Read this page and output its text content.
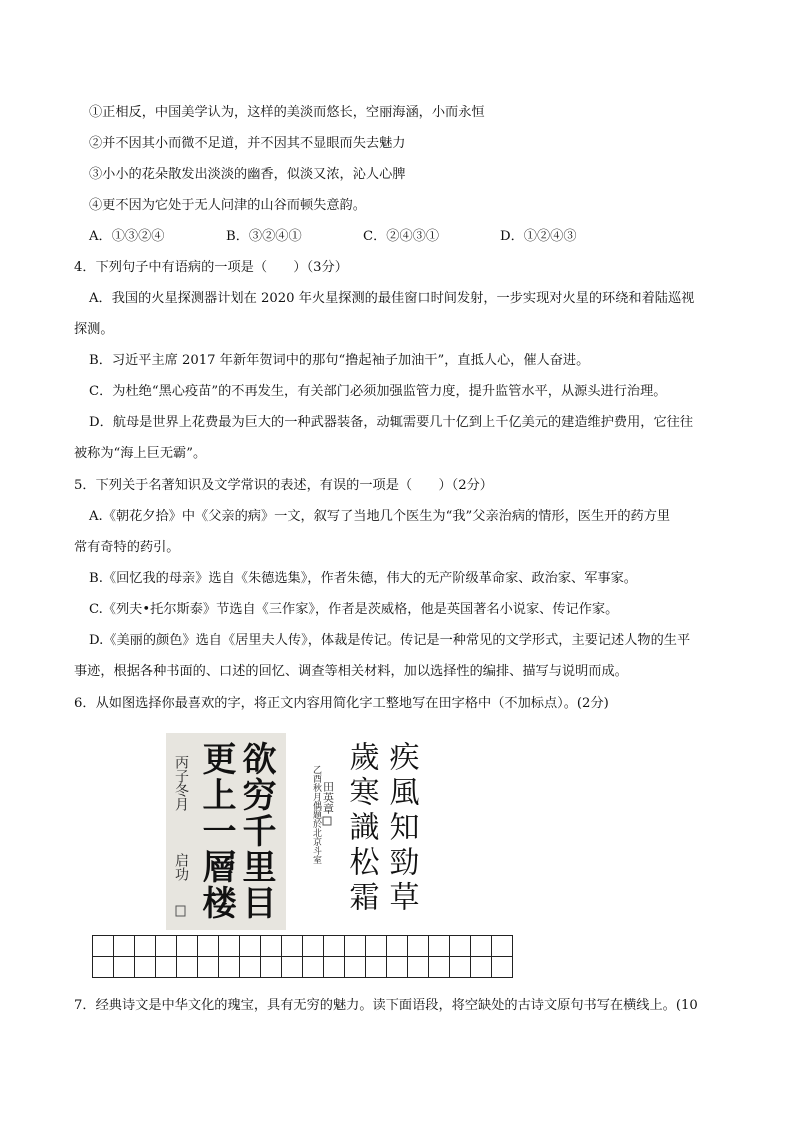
①正相反，中国美学认为，这样的美淡而悠长，空丽海涵，小而永恒
②并不因其小而微不足道，并不因其不显眼而失去魅力
③小小的花朵散发出淡淡的幽香，似淡又浓，沁人心脾
④更不因为它处于无人问津的山谷而顿失意韵。
A．①③②④	B．③②④①	C．②④③①	D．①②④③
4．下列句子中有语病的一项是（　　）（3分）
A．我国的火星探测器计划在 2020 年火星探测的最佳窗口时间发射，一步实现对火星的环绕和着陆巡视
探测。
B．习近平主席 2017 年新年贺词中的那句“撸起袖子加油干”，直抵人心，催人奋进。
C．为杜绝“黑心疫苗”的不再发生，有关部门必须加强监管力度，提升监管水平，从源头进行治理。
D．航母是世界上花费最为巨大的一种武器装备，动辄需要几十亿到上千亿美元的建造维护费用，它往往
被称为“海上巨无霸”。
5．下列关于名著知识及文学常识的表述，有误的一项是（　　）（2分）
A.《朝花夕拾》中《父亲的病》一文，叙写了当地几个医生为“我”父亲治病的情形，医生开的药方里
常有奇特的药引。
B.《回忆我的母亲》选自《朱德选集》，作者朱德，伟大的无产阶级革命家、政治家、军事家。
C.《列夫•托尔斯泰》节选自《三作家》，作者是茨威格，他是英国著名小说家、传记作家。
D.《美丽的颜色》选自《居里夫人传》，体裁是传记。传记是一种常见的文学形式，主要记述人物的生平
事迹，根据各种书面的、口述的回忆、调查等相关材料，加以选择性的编排、描写与说明而成。
6．从如图选择你最喜欢的字，将正文内容用简化字工整地写在田字格中（不加标点）。(2分)
欲穷千里目
更上一層楼
丙子冬月
启功	疾風知勁草
歲寒識松霜
乙酉秋月偶題於北京斗室 田英章

7．经典诗文是中华文化的瑰宝，具有无穷的魅力。读下面语段，将空缺处的古诗文原句书写在横线上。(10
